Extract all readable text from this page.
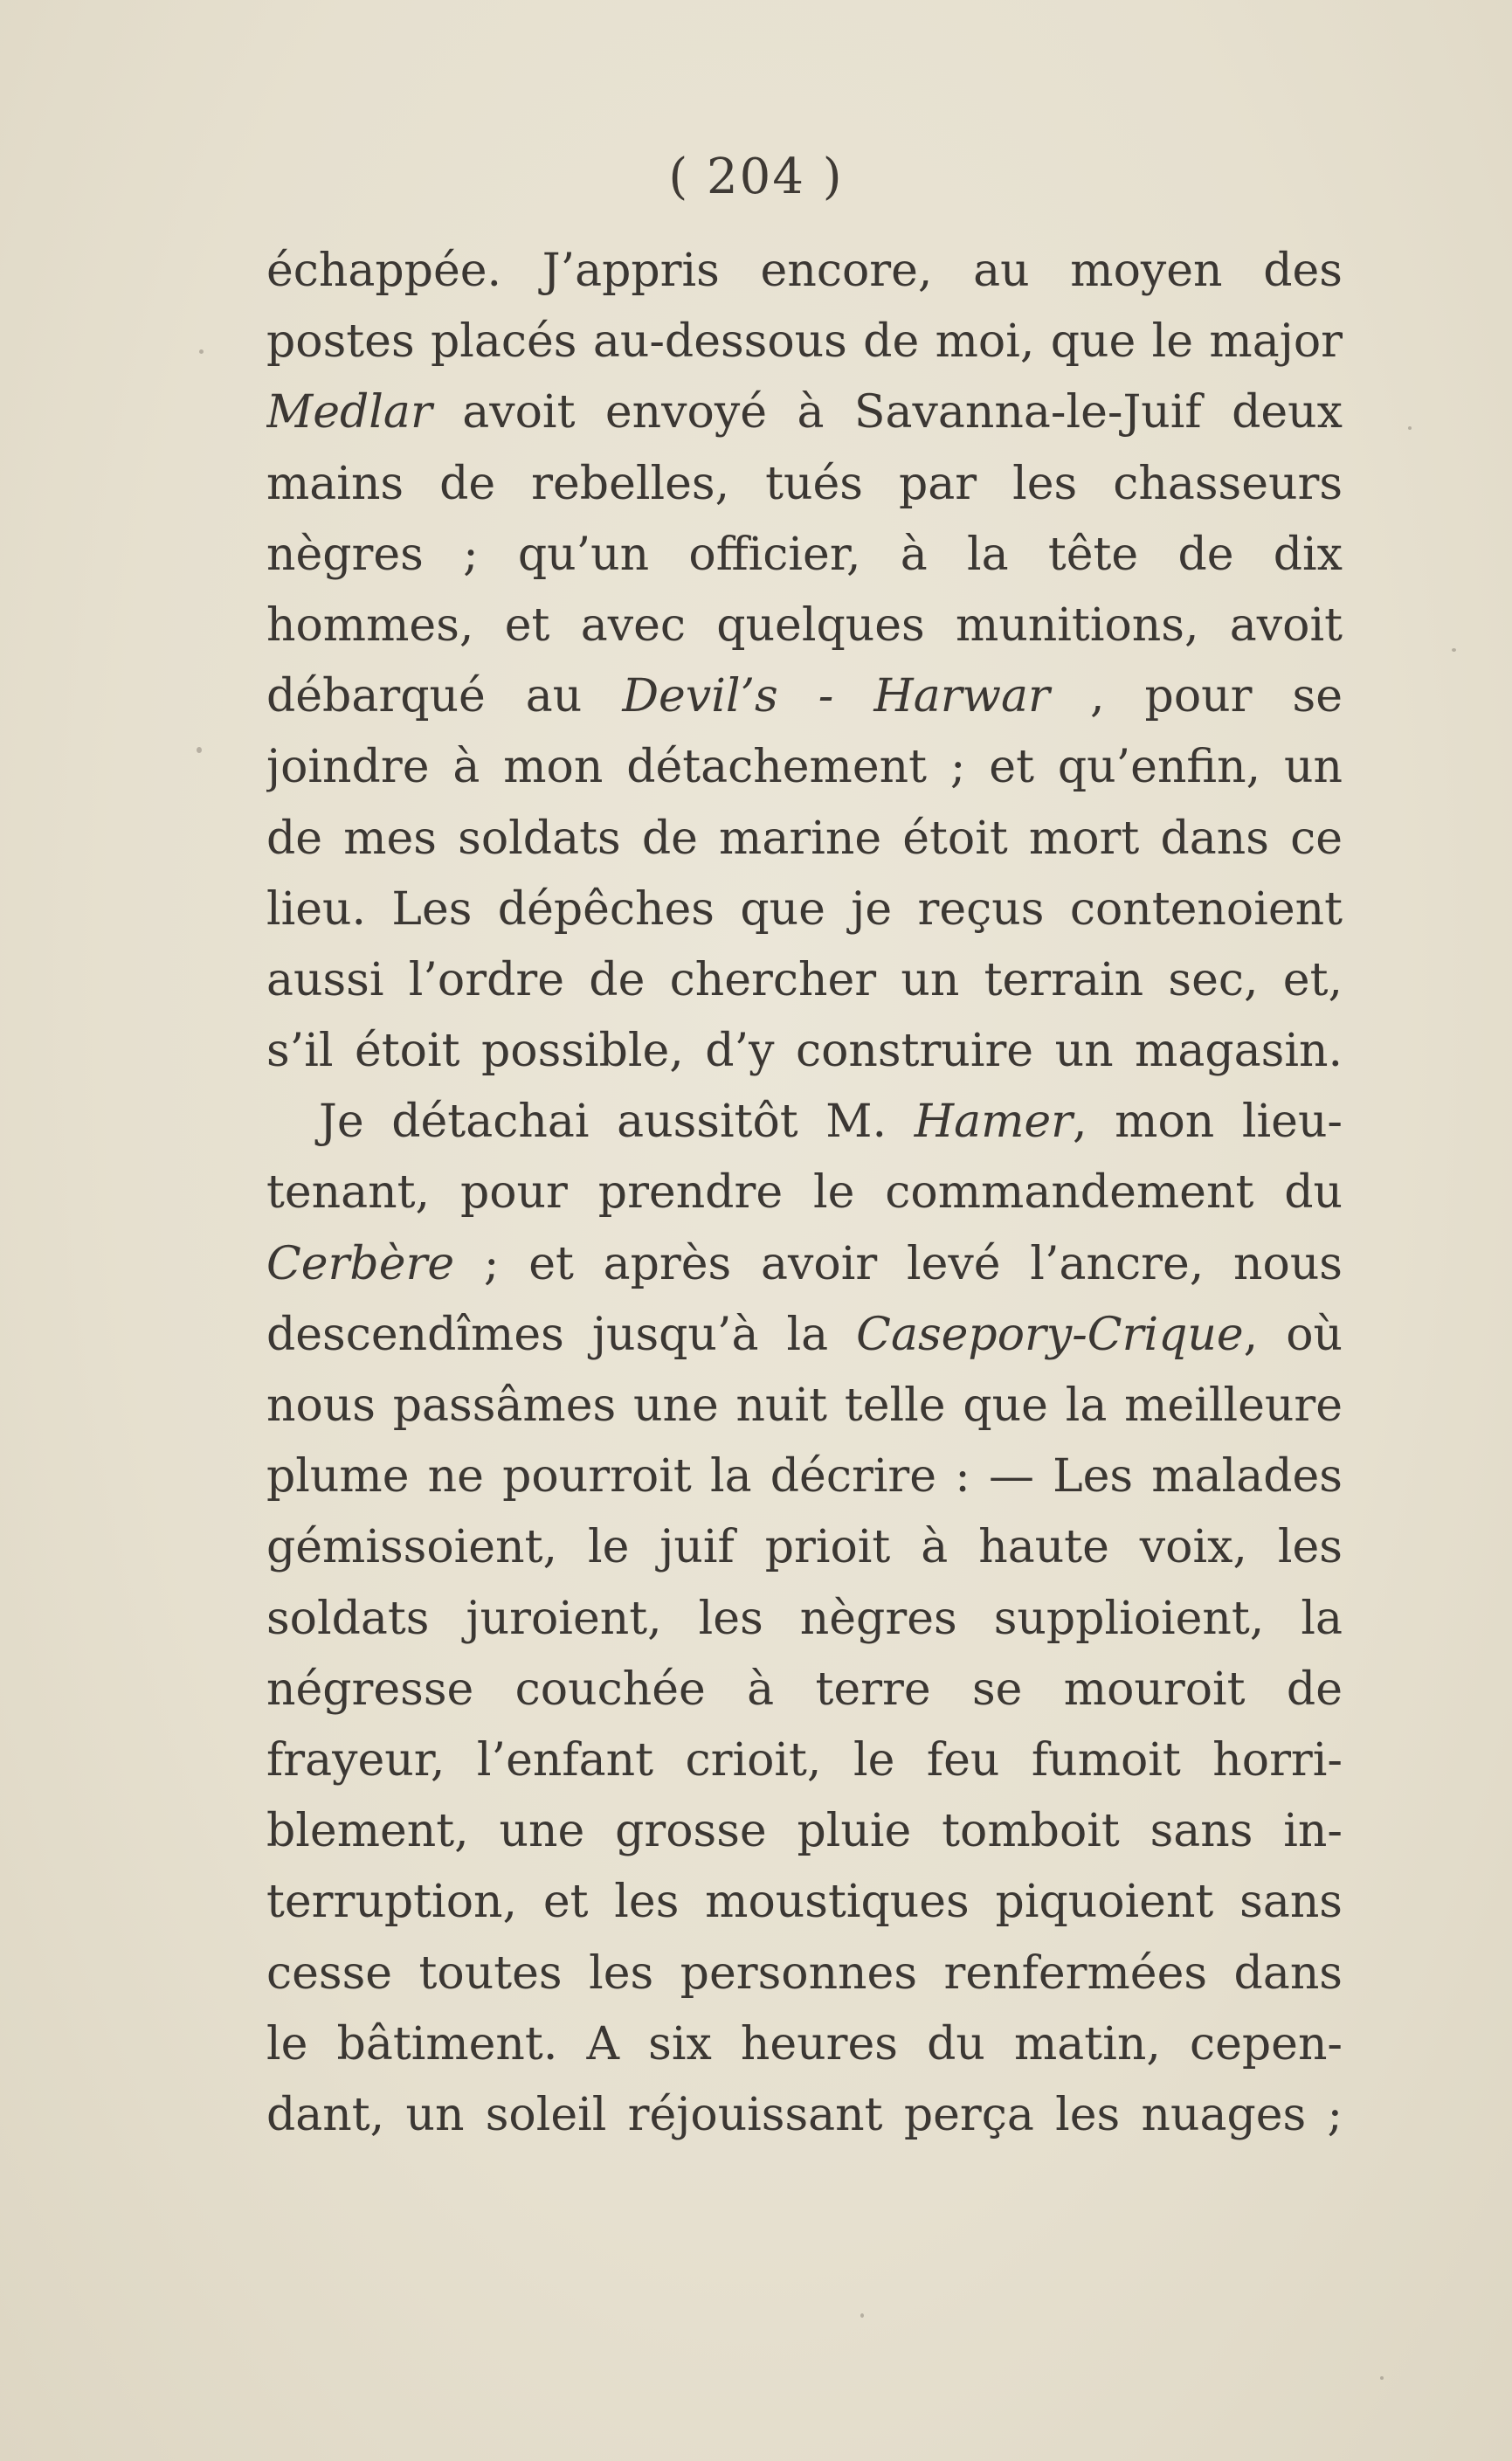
( 204 )
échappée. J’appris encore, au moyen des
postes placés au-dessous de moi, que le major
Medlar avoit envoyé à Savanna-le-Juif deux
mains de rebelles, tués par les chasseurs
nègres ; qu’un officier, à la tête de dix
hommes, et avec quelques munitions, avoit
débarqué au Devil’s - Harwar , pour se
joindre à mon détachement ; et qu’enfin, un
de mes soldats de marine étoit mort dans ce
lieu. Les dépêches que je reçus contenoient
aussi l’ordre de chercher un terrain sec, et,
s’il étoit possible, d’y construire un magasin.
Je détachai aussitôt M. Hamer, mon lieu-
tenant, pour prendre le commandement du
Cerbère ; et après avoir levé l’ancre, nous
descendîmes jusqu’à la Casepory-Crique, où
nous passâmes une nuit telle que la meilleure
plume ne pourroit la décrire : — Les malades
gémissoient, le juif prioit à haute voix, les
soldats juroient, les nègres supplioient, la
négresse couchée à terre se mouroit de
frayeur, l’enfant crioit, le feu fumoit horri-
blement, une grosse pluie tomboit sans in-
terruption, et les moustiques piquoient sans
cesse toutes les personnes renfermées dans
le bâtiment. A six heures du matin, cepen-
dant, un soleil réjouissant perça les nuages ;
